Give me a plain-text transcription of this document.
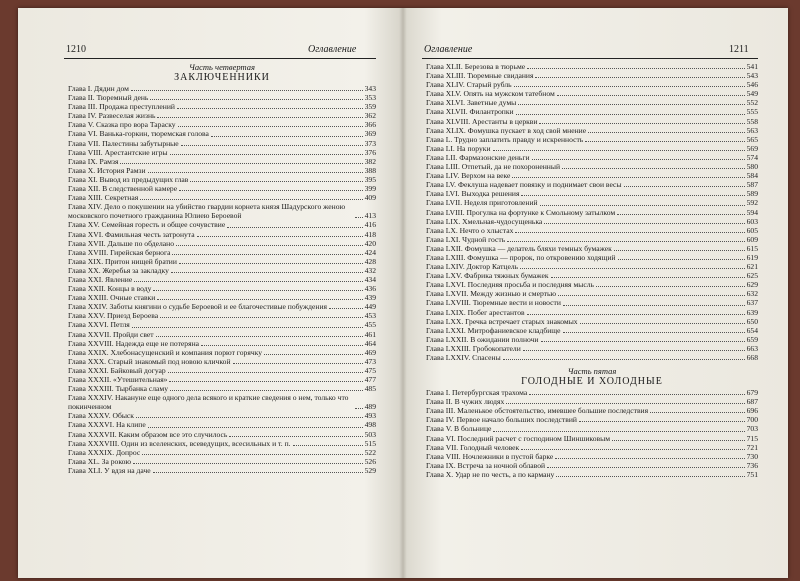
1210	Оглавление
Часть четвертая
ЗАКЛЮЧЕННИКИ
Глава I. Дядин дом	343
Глава II. Тюремный день	353
Глава III. Продажа преступлений	359
Глава IV. Развеселая жизнь	362
Глава V. Сказка про вора Тараску	366
Глава VI. Ванька-горкин, тюремская голова	369
Глава VII. Палестины забутырные	373
Глава VIII. Арестантские игры	376
Глава IX. Рамзя	382
Глава X. История Рамзи	388
Глава XI. Вывод из предыдущих глав	395
Глава XII. В следственной камере	399
Глава XIII. Секретная	409
Глава XIV. Дело о покушении на убийство гвардии корнета князя Шадурского женою московского почетного гражданина Юлиею Бероевой	413
Глава XV. Семейная горесть и общее сочувствие	416
Глава XVI. Фамильная честь затронута	418
Глава XVII. Дальше по обделано	420
Глава XVIII. Гирейская бернога	424
Глава XIX. Притон нищей братии	428
Глава XX. Жеребья за закладку	432
Глава XXI. Явление	434
Глава XXII. Концы в воду	436
Глава XXIII. Очные ставки	439
Глава XXIV. Заботы княгини о судьбе Бероевой и ее благочестивые побуждения	449
Глава XXV. Приезд Бероева	453
Глава XXVI. Петля	455
Глава XXVII. Пройди свет	461
Глава XXVIII. Надежда еще не потеряна	464
Глава XXIX. Хлебонасущенский и компания порют горячку	469
Глава XXX. Старый знакомый под новою кличкой	473
Глава XXXI. Байковый догуар	475
Глава XXXII. «Утешительная»	477
Глава XXXIII. Тырбанка сламу	485
Глава XXXIV. Накануне еще одного дела всякого и краткие сведения о нем, только что покинченном	489
Глава XXXV. Обыск	493
Глава XXXVI. На клипе	498
Глава XXXVII. Каким образом все это случилось	503
Глава XXXVIII. Один из вселенских, всеведущих, всесильных и т. п.	515
Глава XXXIX. Допрос	522
Глава XL. За рокою	526
Глава XLI. У вдзя на даче	529
Оглавление	1211
Глава XLII. Березова в тюрьме	541
Глава XLIII. Тюремные свидания	543
Глава XLIV. Старый рубль	546
Глава XLV. Опять на мужском татебном	549
Глава XLVI. Заветные думы	552
Глава XLVII. Филантропки	555
Глава XLVIII. Арестанты в церкви	558
Глава XLIX. Фомушка пускает в ход свой мнение	563
Глава L. Трудно заплатить правду и искренность	565
Глава LI. На поруки	569
Глава LII. Фармазонские деньги	574
Глава LIII. Отпетый, да не похороненный	580
Глава LIV. Верхом на веке	584
Глава LV. Феклуша надевает повязку и поднимает свои весы	587
Глава LVI. Выходка решения	589
Глава LVII. Неделя приготовлений	592
Глава LVIII. Прогулка на фортунке к Смольному затылком	594
Глава LIX. Хмельная-чудосущенька	603
Глава LX. Нечто о хлыстах	605
Глава LXI. Чудной гость	609
Глава LXII. Фомушка — делатель бляхи темных бумажек	615
Глава LXIII. Фомушка — пророк, по откровению ходящий	619
Глава LXIV. Доктор Катцель	621
Глава LXV. Фабрика тяжных бумажек	625
Глава LXVI. Последняя просьба и последняя мысль	629
Глава LXVII. Между жизнью и смертью	632
Глава LXVIII. Тюремные вести и новости	637
Глава LXIX. Побег арестантов	639
Глава LXX. Гречка встречает старых знакомых	650
Глава LXXI. Митрофаниевское кладбище	654
Глава LXXII. В ожидании полночи	659
Глава LXXIII. Гробокопатели	663
Глава LXXIV. Спасены	668
Часть пятая
ГОЛОДНЫЕ И ХОЛОДНЫЕ
Глава I. Петербургская трахома	679
Глава II. В чужих людях	687
Глава III. Маленькое обстоятельство, имевшее большие последствия	696
Глава IV. Первое начало больших последствий	700
Глава V. В больнице	703
Глава VI. Последний расчет с господином Шиншиковым	715
Глава VII. Голодный человек	721
Глава VIII. Ночлежники в пустой барке	730
Глава IX. Встреча за ночной облавой	736
Глава X. Удар не по честь, а по карману	751
